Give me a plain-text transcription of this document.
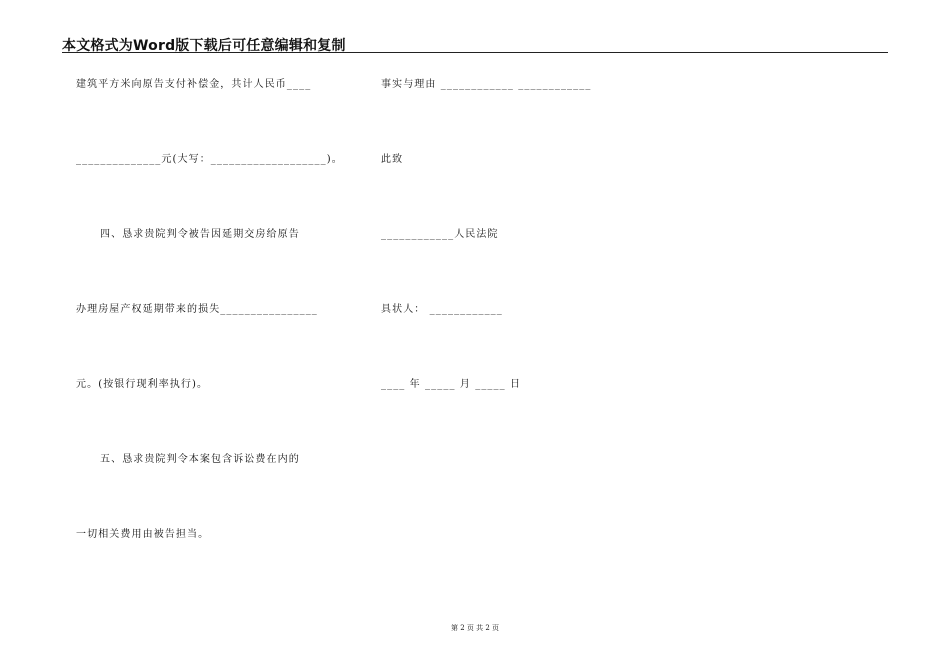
本文格式为Word版下载后可任意编辑和复制
建筑平方米向原告支付补偿金，共计人民币____
______________元(大写：___________________)。
四、恳求贵院判令被告因延期交房给原告
办理房屋产权延期带来的损失________________
元。(按银行现利率执行)。
五、恳求贵院判令本案包含诉讼费在内的
一切相关费用由被告担当。
事实与理由 ____________ ____________
此致
____________人民法院
具状人： ____________
____ 年 _____ 月 _____ 日
第 2 页 共 2 页
